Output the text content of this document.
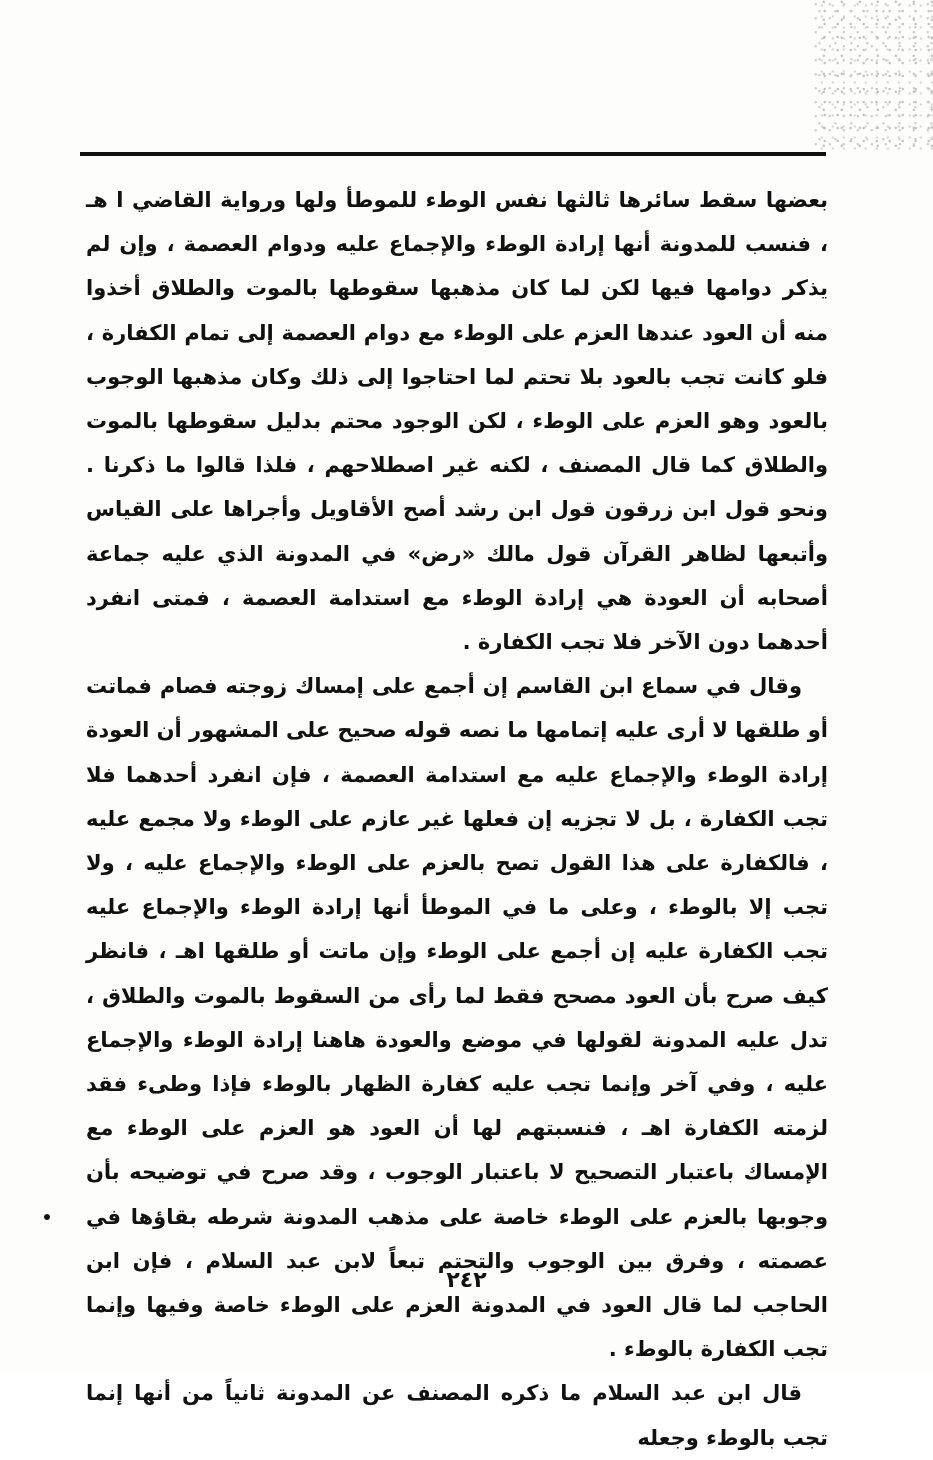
بعضها سقط سائرها ثالثها نفس الوطء للموطأ ولها ورواية القاضي ا هـ ، فنسب للمدونة أنها إرادة الوطء والإجماع عليه ودوام العصمة ، وإن لم يذكر دوامها فيها لكن لما كان مذهبها سقوطها بالموت والطلاق أخذوا منه أن العود عندها العزم على الوطء مع دوام العصمة إلى تمام الكفارة ، فلو كانت تجب بالعود بلا تحتم لما احتاجوا إلى ذلك وكان مذهبها الوجوب بالعود وهو العزم على الوطء ، لكن الوجود محتم بدليل سقوطها بالموت والطلاق كما قال المصنف ، لكنه غير اصطلاحهم ، فلذا قالوا ما ذكرنا . ونحو قول ابن زرقون قول ابن رشد أصح الأقاويل وأجراها على القياس وأتبعها لظاهر القرآن قول مالك «رض» في المدونة الذي عليه جماعة أصحابه أن العودة هي إرادة الوطء مع استدامة العصمة ، فمتى انفرد أحدهما دون الآخر فلا تجب الكفارة .

وقال في سماع ابن القاسم إن أجمع على إمساك زوجته فصام فماتت أو طلقها لا أرى عليه إتمامها ما نصه قوله صحيح على المشهور أن العودة إرادة الوطء والإجماع عليه مع استدامة العصمة ، فإن انفرد أحدهما فلا تجب الكفارة ، بل لا تجزيه إن فعلها غير عازم على الوطء ولا مجمع عليه ، فالكفارة على هذا القول تصح بالعزم على الوطء والإجماع عليه ، ولا تجب إلا بالوطء ، وعلى ما في الموطأ أنها إرادة الوطء والإجماع عليه تجب الكفارة عليه إن أجمع على الوطء وإن ماتت أو طلقها اهـ ، فانظر كيف صرح بأن العود مصحح فقط لما رأى من السقوط بالموت والطلاق ، تدل عليه المدونة لقولها في موضع والعودة هاهنا إرادة الوطء والإجماع عليه ، وفي آخر وإنما تجب عليه كفارة الظهار بالوطء فإذا وطىء فقد لزمته الكفارة اهـ ، فنسبتهم لها أن العود هو العزم على الوطء مع الإمساك باعتبار التصحيح لا باعتبار الوجوب ، وقد صرح في توضيحه بأن وجوبها بالعزم على الوطء خاصة على مذهب المدونة شرطه بقاؤها في عصمته ، وفرق بين الوجوب والتحتم تبعاً لابن عبد السلام ، فإن ابن الحاجب لما قال العود في المدونة العزم على الوطء خاصة وفيها وإنما تجب الكفارة بالوطء .

قال ابن عبد السلام ما ذكره المصنف عن المدونة ثانياً من أنها إنما تجب بالوطء وجعله

٢٤٢
